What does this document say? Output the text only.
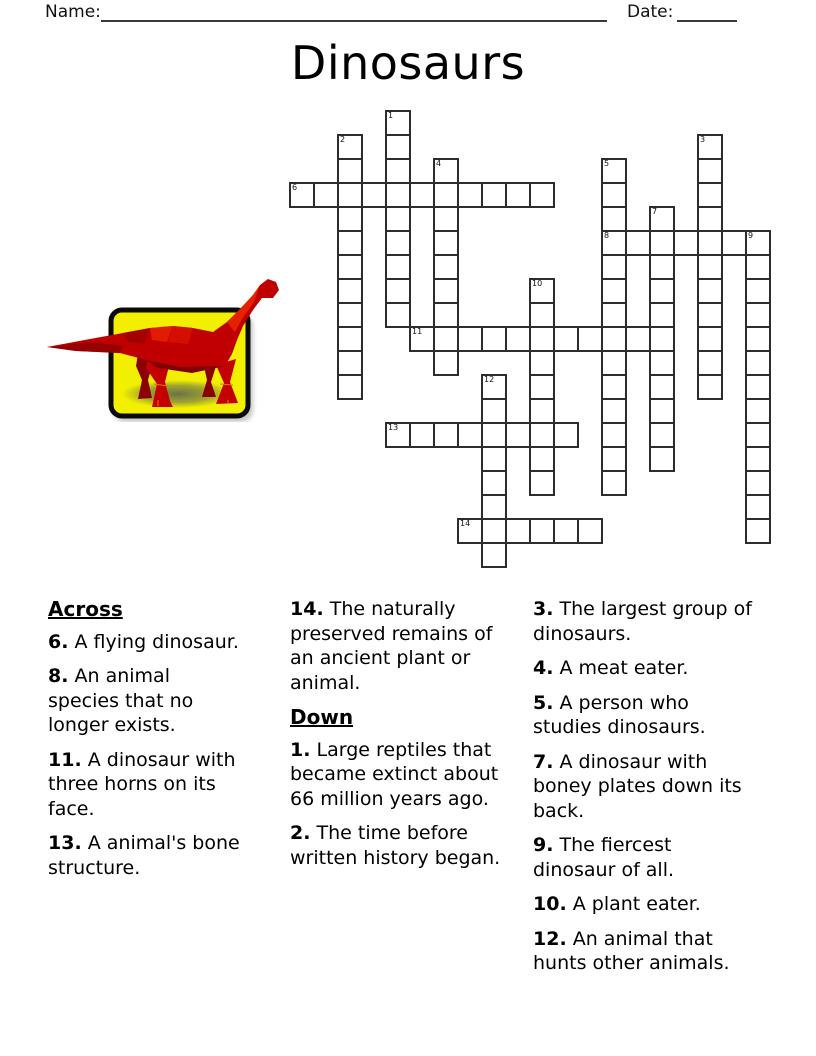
Name:	Date:
Dinosaurs
1
2	3
4	5
8
6
7
9
10
11
12
13
14
Across
6. A flying dinosaur.
8. An animal species that no longer exists.
11. A dinosaur with three horns on its face.
13. A animal's bone structure.
14. The naturally preserved remains of an ancient plant or animal.
Down
1. Large reptiles that became extinct about 66 million years ago.
2. The time before written history began.
3. The largest group of dinosaurs.
4. A meat eater.
5. A person who studies dinosaurs.
7. A dinosaur with boney plates down its back.
9. The fiercest dinosaur of all.
10. A plant eater.
12. An animal that hunts other animals.
